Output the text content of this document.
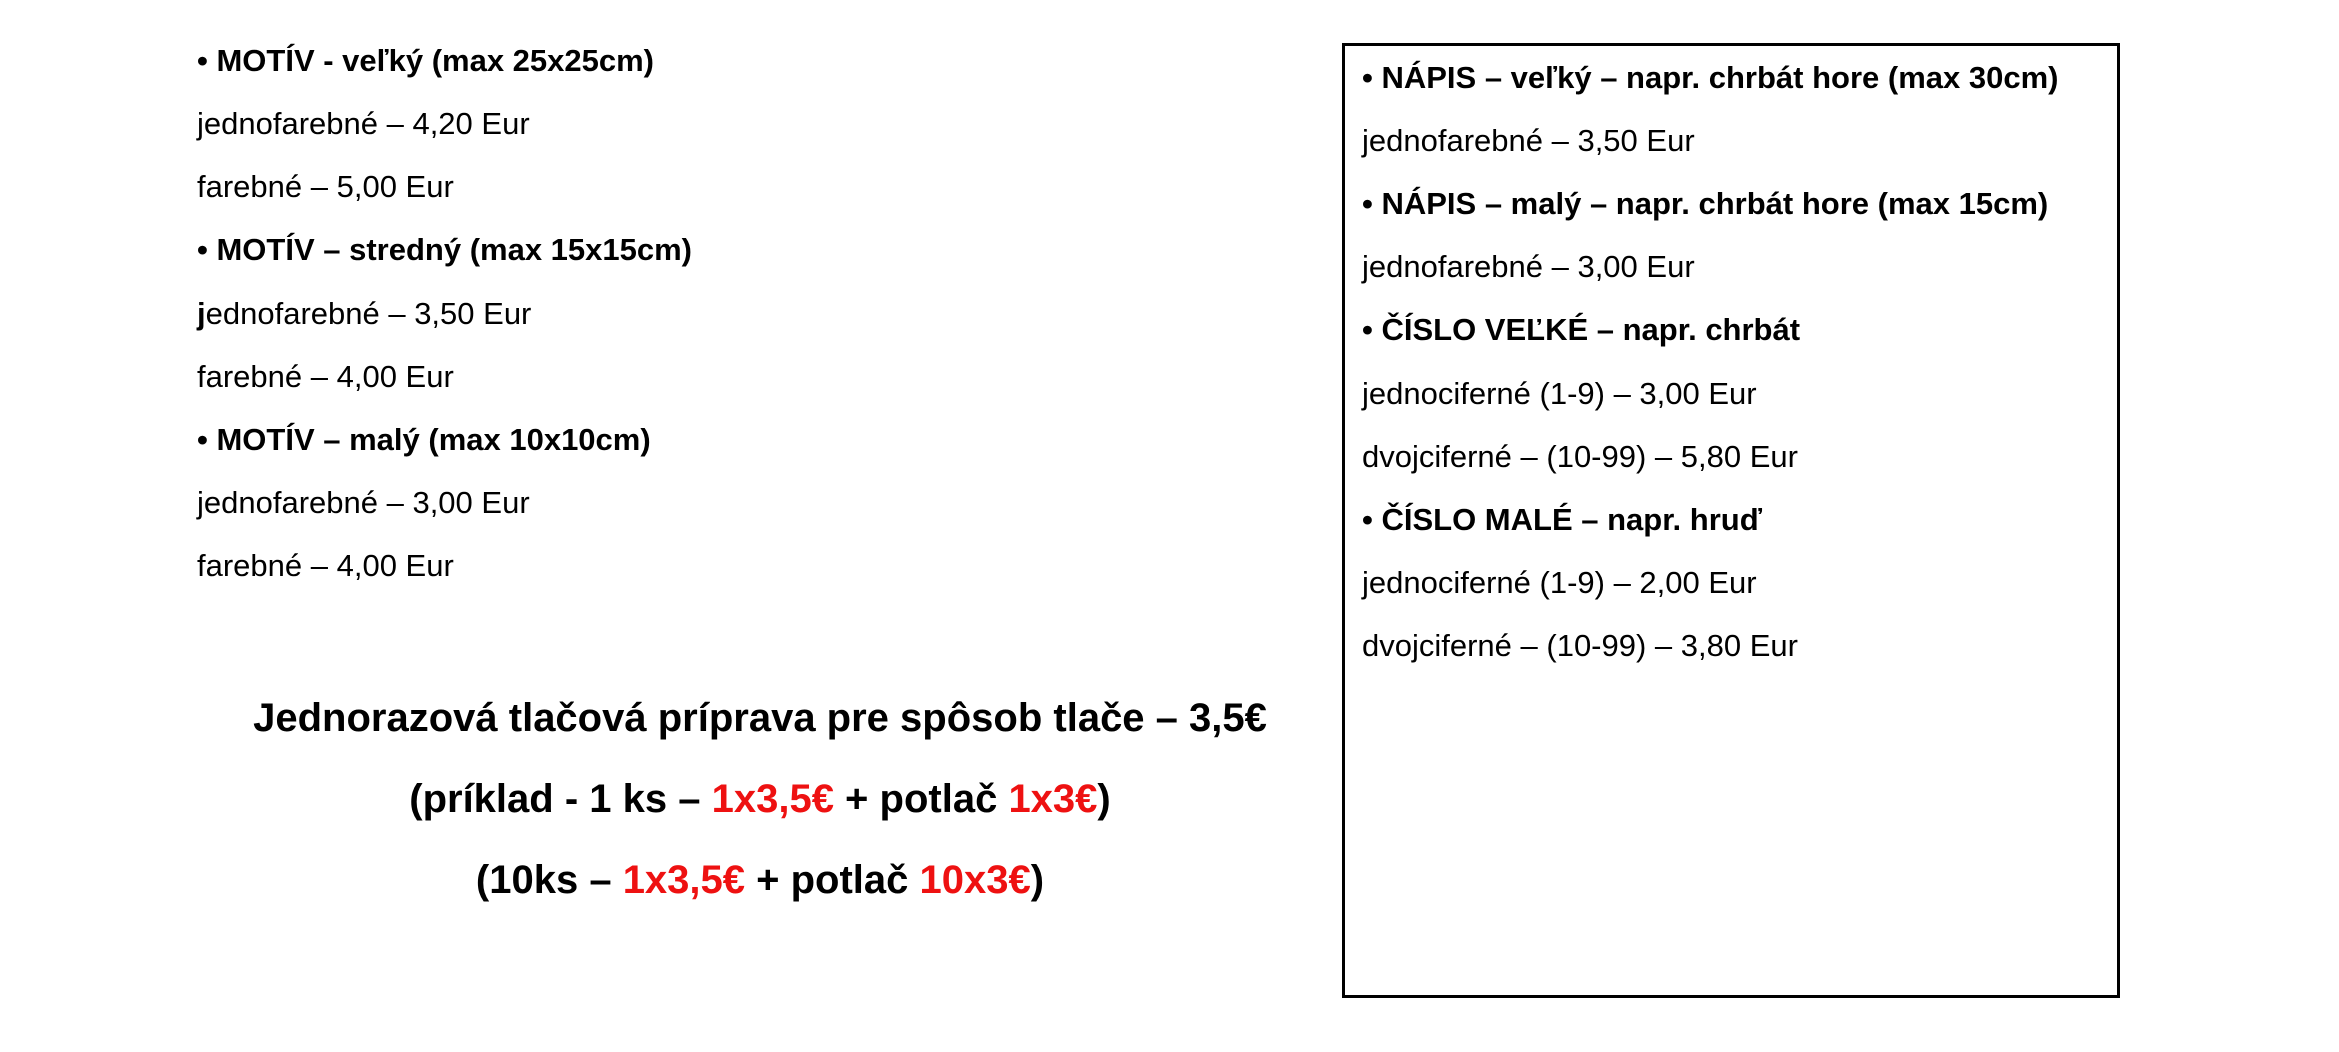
• MOTÍV - veľký (max 25x25cm)
jednofarebné – 4,20 Eur
farebné – 5,00 Eur
• MOTÍV – stredný (max 15x15cm)
jednofarebné – 3,50 Eur
farebné – 4,00 Eur
• MOTÍV – malý (max 10x10cm)
jednofarebné – 3,00 Eur
farebné – 4,00 Eur
• NÁPIS – veľký – napr. chrbát hore (max 30cm)
jednofarebné – 3,50 Eur
• NÁPIS – malý – napr. chrbát hore (max 15cm)
jednofarebné – 3,00 Eur
• ČÍSLO VEĽKÉ – napr. chrbát
jednociferné (1-9) – 3,00 Eur
dvojciferné – (10-99) – 5,80 Eur
• ČÍSLO MALÉ – napr. hruď
jednociferné (1-9) – 2,00 Eur
dvojciferné – (10-99) – 3,80 Eur
Jednorazová tlačová príprava pre spôsob tlače – 3,5€
(príklad - 1 ks – 1x3,5€ + potlač 1x3€)
(10ks – 1x3,5€ + potlač 10x3€)
